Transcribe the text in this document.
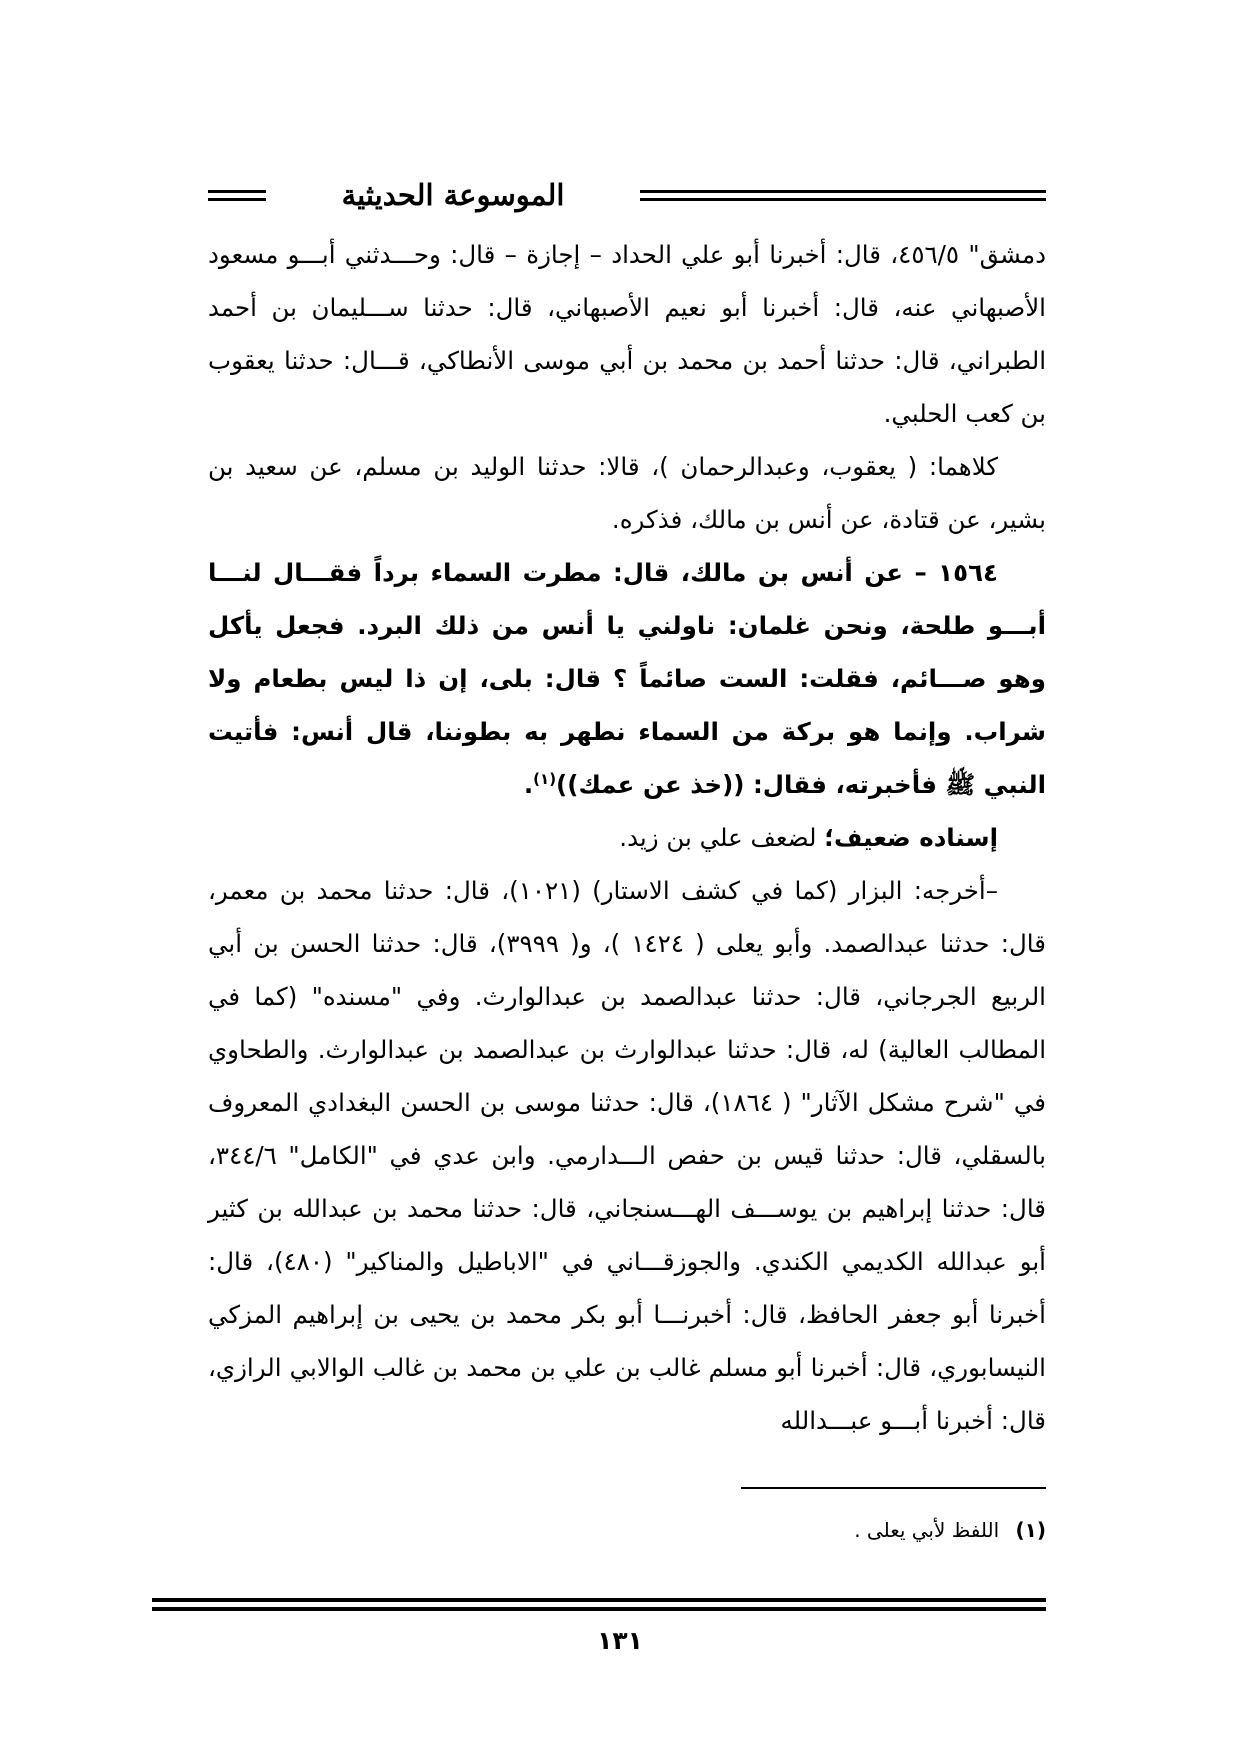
الموسوعة الحديثية

دمشق" ٤٥٦/٥، قال: أخبرنا أبو علي الحداد – إجازة – قال: وحـــدثني أبـــو مسعود الأصبهاني عنه، قال: أخبرنا أبو نعيم الأصبهاني، قال: حدثنا ســـليمان بن أحمد الطبراني، قال: حدثنا أحمد بن محمد بن أبي موسى الأنطاكي، قـــال: حدثنا يعقوب بن كعب الحلبي.

كلاهما: ( يعقوب، وعبدالرحمان )، قالا: حدثنا الوليد بن مسلم، عن سعيد بن بشير، عن قتادة، عن أنس بن مالك، فذكره.

١٥٦٤ – عن أنس بن مالك، قال: مطرت السماء برداً فقـــال لنـــا أبـــو طلحة، ونحن غلمان: ناولني يا أنس من ذلك البرد. فجعل يأكل وهو صـــائم، فقلت: الست صائماً ؟ قال: بلى، إن ذا ليس بطعام ولا شراب. وإنما هو بركة من السماء نطهر به بطوننا، قال أنس: فأتيت النبي ﷺ فأخبرته، فقال: ((خذ عن عمك))$^{(١)}$.

إسناده ضعيف؛ لضعف علي بن زيد.

–أخرجه: البزار (كما في كشف الاستار) (١٠٢١)، قال: حدثنا محمد بن معمر، قال: حدثنا عبدالصمد. وأبو يعلى ( ١٤٢٤ )، و( ٣٩٩٩)، قال: حدثنا الحسن بن أبي الربيع الجرجاني، قال: حدثنا عبدالصمد بن عبدالوارث. وفي "مسنده" (كما في المطالب العالية) له، قال: حدثنا عبدالوارث بن عبدالصمد بن عبدالوارث. والطحاوي في "شرح مشكل الآثار" ( ١٨٦٤)، قال: حدثنا موسى بن الحسن البغدادي المعروف بالسقلي، قال: حدثنا قيس بن حفص الـــدارمي. وابن عدي في "الكامل" ٣٤٤/٦، قال: حدثنا إبراهيم بن يوســـف الهـــسنجاني، قال: حدثنا محمد بن عبدالله بن كثير أبو عبدالله الكديمي الكندي. والجوزقـــاني في "الاباطيل والمناكير" (٤٨٠)، قال: أخبرنا أبو جعفر الحافظ، قال: أخبرنـــا أبو بكر محمد بن يحيى بن إبراهيم المزكي النيسابوري، قال: أخبرنا أبو مسلم غالب بن علي بن محمد بن غالب الوالابي الرازي، قال: أخبرنا أبـــو عبـــدالله

(١) اللفظ لأبي يعلى .
١٣١
